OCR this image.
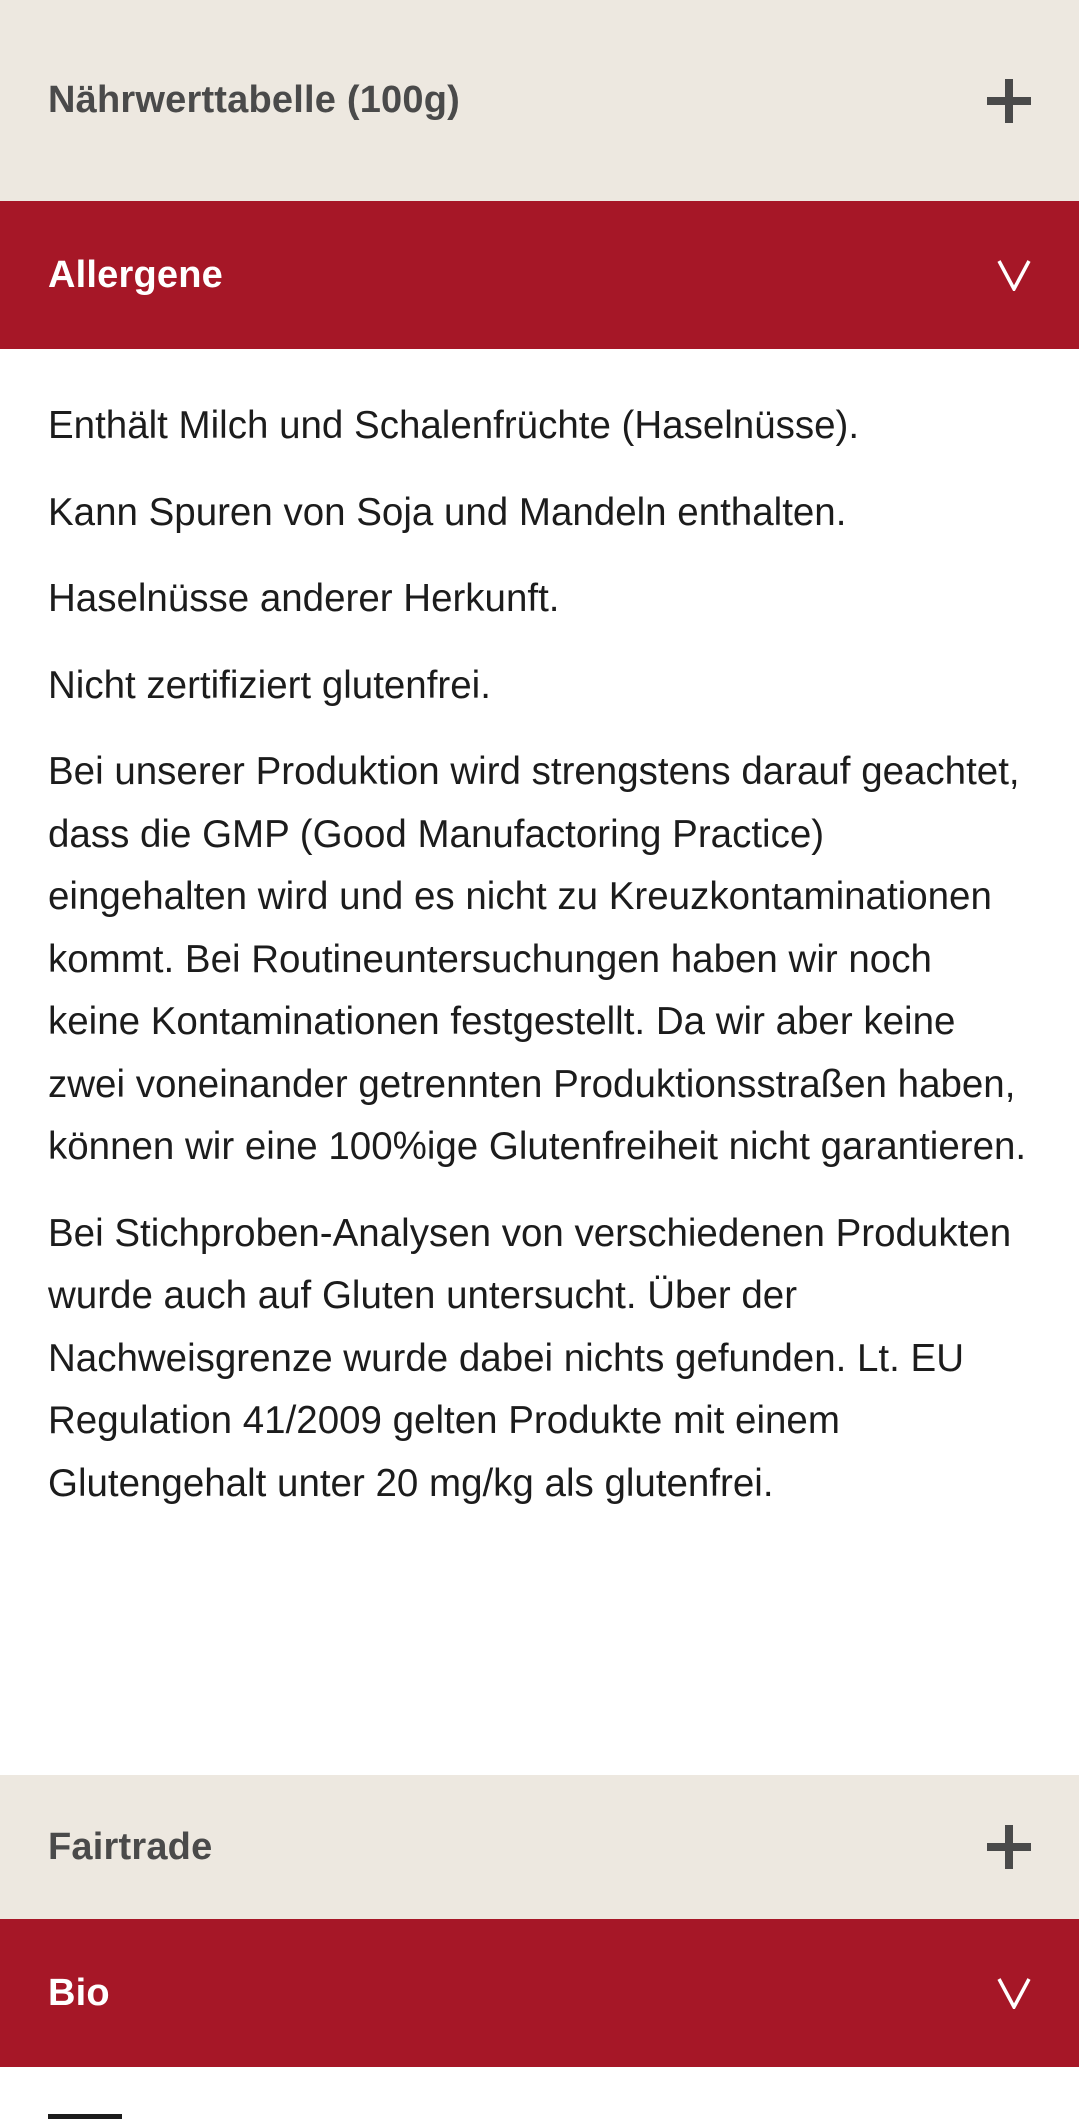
Nährwerttabelle (100g)
Allergene

Enthält Milch und Schalenfrüchte (Haselnüsse).

Kann Spuren von Soja und Mandeln enthalten.

Haselnüsse anderer Herkunft.

Nicht zertifiziert glutenfrei.

Bei unserer Produktion wird strengstens darauf geachtet, dass die GMP (Good Manufactoring Practice) eingehalten wird und es nicht zu Kreuzkontaminationen kommt. Bei Routineuntersuchungen haben wir noch keine Kontaminationen festgestellt. Da wir aber keine zwei voneinander getrennten Produktionsstraßen haben, können wir eine 100%ige Glutenfreiheit nicht garantieren.

Bei Stichproben-Analysen von verschiedenen Produkten wurde auch auf Gluten untersucht. Über der Nachweisgrenze wurde dabei nichts gefunden. Lt. EU Regulation 41/2009 gelten Produkte mit einem Glutengehalt unter 20 mg/kg als glutenfrei.

Fairtrade
Bio
